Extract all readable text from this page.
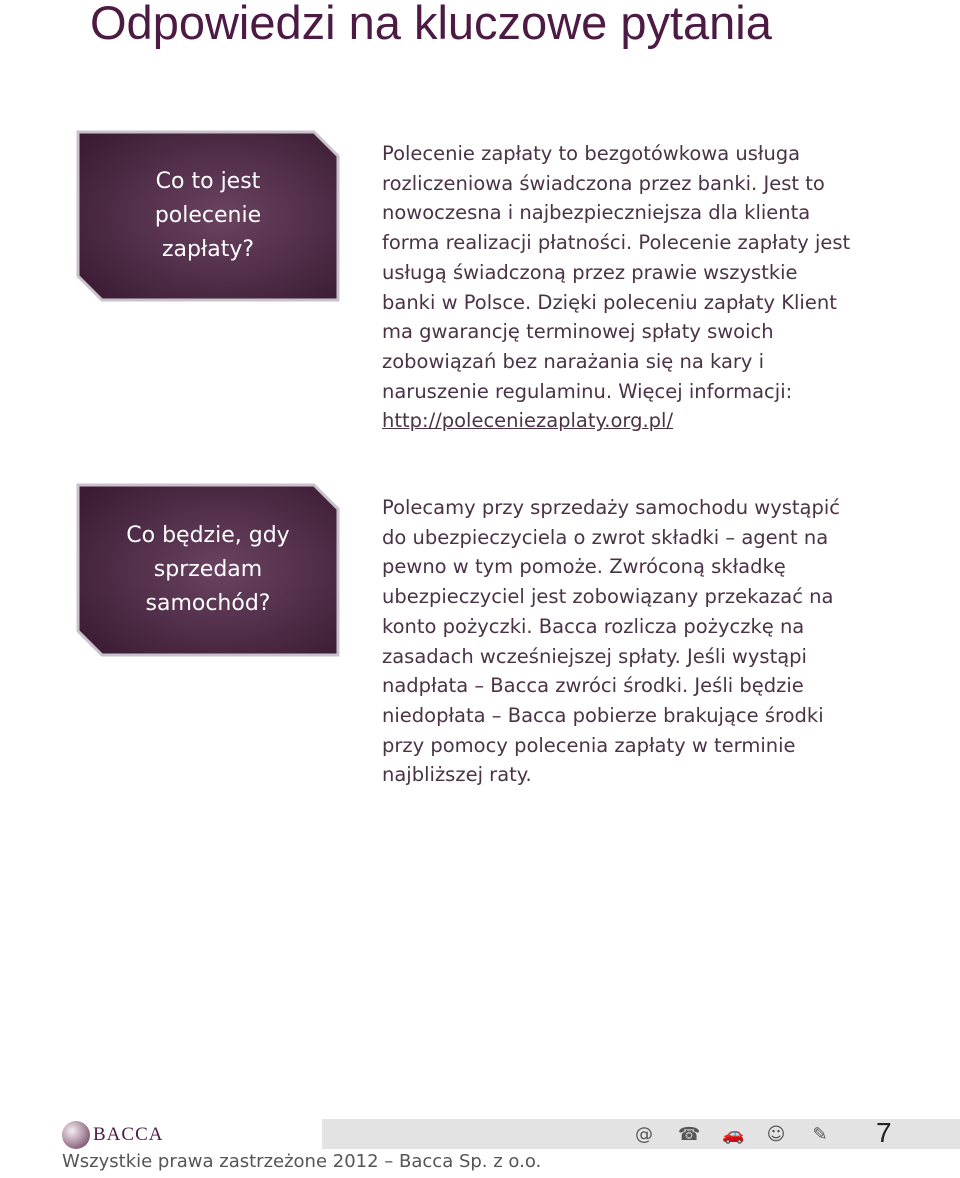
Odpowiedzi na kluczowe pytania
Co to jest polecenie zapłaty?

Polecenie zapłaty to bezgotówkowa usługa rozliczeniowa świadczona przez banki. Jest to nowoczesna i najbezpieczniejsza dla klienta forma realizacji płatności. Polecenie zapłaty jest usługą świadczoną przez prawie wszystkie banki w Polsce. Dzięki poleceniu zapłaty Klient ma gwarancję terminowej spłaty swoich zobowiązań bez narażania się na kary i naruszenie regulaminu. Więcej informacji: http://poleceniezaplaty.org.pl/

Co będzie, gdy sprzedam samochód?

Polecamy przy sprzedaży samochodu wystąpić do ubezpieczyciela o zwrot składki – agent na pewno w tym pomoże. Zwróconą składkę ubezpieczyciel jest zobowiązany przekazać na konto pożyczki. Bacca rozlicza pożyczkę na zasadach wcześniejszej spłaty. Jeśli wystąpi nadpłata – Bacca zwróci środki. Jeśli będzie niedopłata – Bacca pobierze brakujące środki przy pomocy polecenia zapłaty w terminie najbliższej raty.

BACCA	@ ☎ 🚗 ☺ ✎ 7
Wszystkie prawa zastrzeżone 2012 – Bacca Sp. z o.o.
